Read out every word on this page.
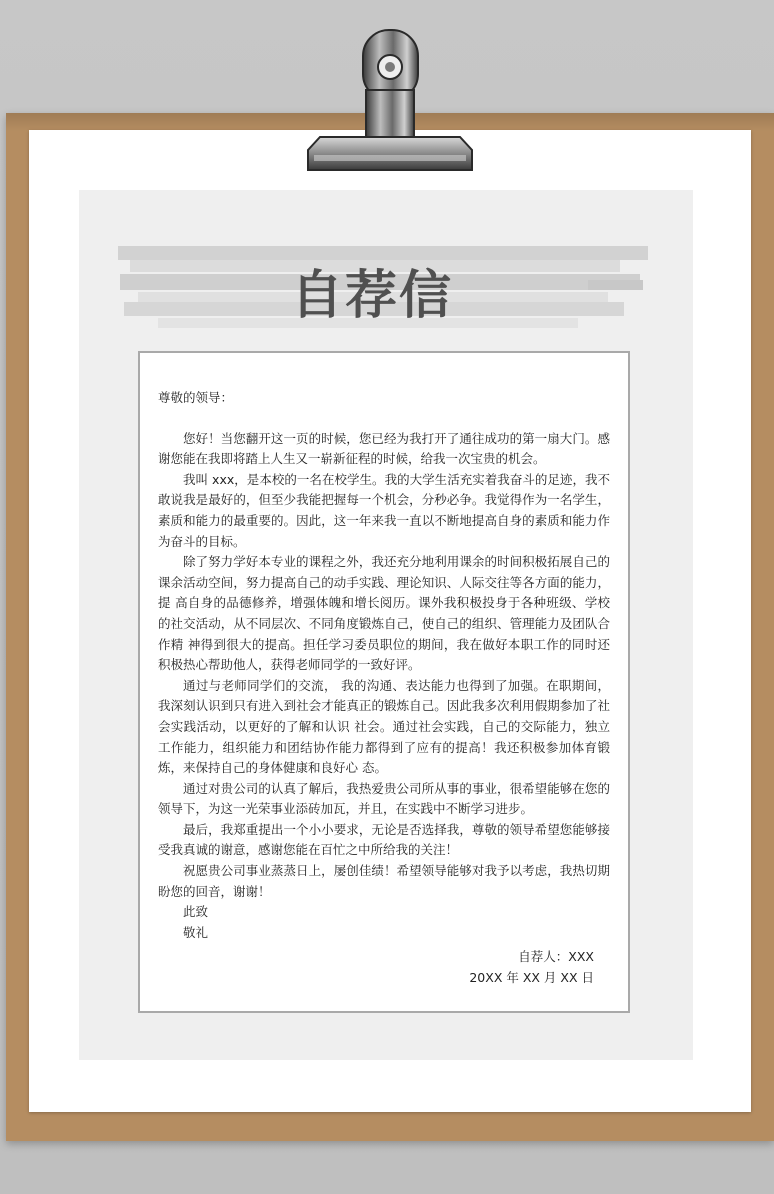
自荐信

尊敬的领导：

您好！当您翻开这一页的时候，您已经为我打开了通往成功的第一扇大门。感谢您能在我即将踏上人生又一崭新征程的时候，给我一次宝贵的机会。

我叫 xxx，是本校的一名在校学生。我的大学生活充实着我奋斗的足迹，我不敢说我是最好的，但至少我能把握每一个机会，分秒必争。我觉得作为一名学生，素质和能力的最重要的。因此，这一年来我一直以不断地提高自身的素质和能力作为奋斗的目标。

除了努力学好本专业的课程之外，我还充分地利用课余的时间积极拓展自己的课余活动空间，努力提高自己的动手实践、理论知识、人际交往等各方面的能力，提 高自身的品德修养，增强体魄和增长阅历。课外我积极投身于各种班级、学校的社交活动，从不同层次、不同角度锻炼自己，使自己的组织、管理能力及团队合作精 神得到很大的提高。担任学习委员职位的期间，我在做好本职工作的同时还积极热心帮助他人，获得老师同学的一致好评。

通过与老师同学们的交流， 我的沟通、表达能力也得到了加强。在职期间，我深刻认识到只有进入到社会才能真正的锻炼自己。因此我多次利用假期参加了社会实践活动，以更好的了解和认识 社会。通过社会实践，自己的交际能力，独立工作能力，组织能力和团结协作能力都得到了应有的提高！我还积极参加体育锻炼，来保持自己的身体健康和良好心 态。

通过对贵公司的认真了解后，我热爱贵公司所从事的事业，很希望能够在您的领导下，为这一光荣事业添砖加瓦，并且，在实践中不断学习进步。

最后，我郑重提出一个小小要求，无论是否选择我，尊敬的领导希望您能够接受我真诚的谢意，感谢您能在百忙之中所给我的关注！

祝愿贵公司事业蒸蒸日上，屡创佳绩！希望领导能够对我予以考虑，我热切期盼您的回音，谢谢！

此致

敬礼

自荐人：XXX
20XX 年 XX 月 XX 日
